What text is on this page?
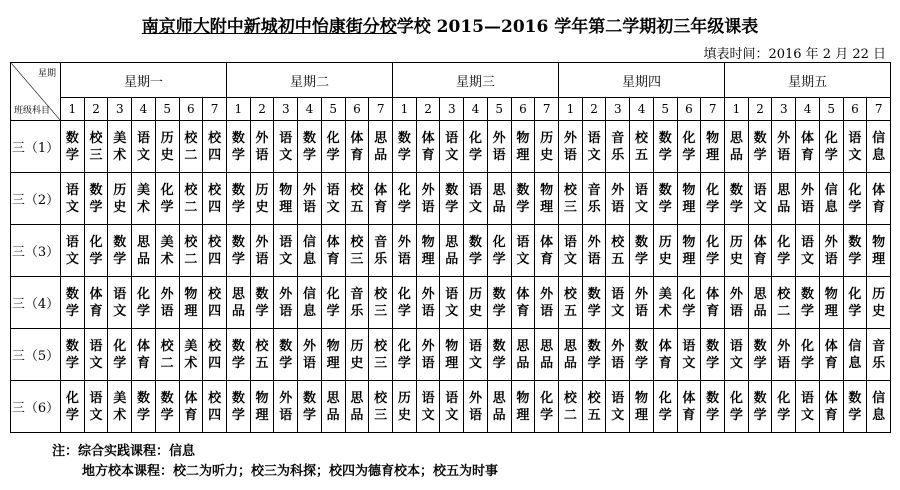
南京师大附中新城初中怡康街分校学校 2015—2016 学年第二学期初三年级课表
填表时间：2016 年 2 月 22 日
星期
班级科目	星期一							星期二							星期三							星期四							星期五						
	1	2	3	4	5	6	7	1	2	3	4	5	6	7	1	2	3	4	5	6	7	1	2	3	4	5	6	7	1	2	3	4	5	6	7
三（1）	数学	校三	美术	语文	历史	校二	校四	数学	外语	语文	数学	化学	体育	思品	数学	体育	语文	化学	外语	物理	历史	外语	语文	音乐	校五	数学	化学	物理	思品	数学	外语	体育	化学	语文	信息

三（2）	语文	数学	历史	美术	化学	校二	校四	数学	历史	物理	外语	语文	校五	体育	化学	外语	数学	语文	思品	数学	物理	校三	音乐	外语	语文	数学	物理	化学	数学	语文	思品	外语	信息	化学	体育

三（3）	语文	化学	数学	思品	美术	校二	校四	数学	外语	语文	信息	体育	校三	音乐	外语	物理	思品	数学	化学	语文	体育	语文	外语	校五	数学	历史	物理	化学	历史	体育	化学	语文	外语	数学	物理

三（4）	数学	体育	语文	化学	外语	物理	校四	思品	数学	外语	信息	化学	音乐	校三	化学	外语	语文	历史	数学	体育	外语	校五	数学	语文	外语	美术	化学	体育	外语	思品	校二	数学	物理	化学	历史

三（5）	数学	语文	化学	体育	校二	美术	校四	数学	校五	数学	外语	物理	历史	校三	化学	外语	物理	语文	数学	思品	思品	思品	数学	外语	数学	体育	语文	数学	语文	数学	外语	化学	体育	信息	音乐

三（6）	化学	语文	美术	数学	数学	体育	校四	数学	物理	外语	数学	思品	思品	校三	历史	语文	语文	外语	思品	物理	化学	校二	校五	语文	物理	化学	体育	数学	化学	数学	化学	语文	体育	数学	信息
注：综合实践课程：信息
地方校本课程：校二为听力；校三为科探；校四为德育校本；校五为时事
